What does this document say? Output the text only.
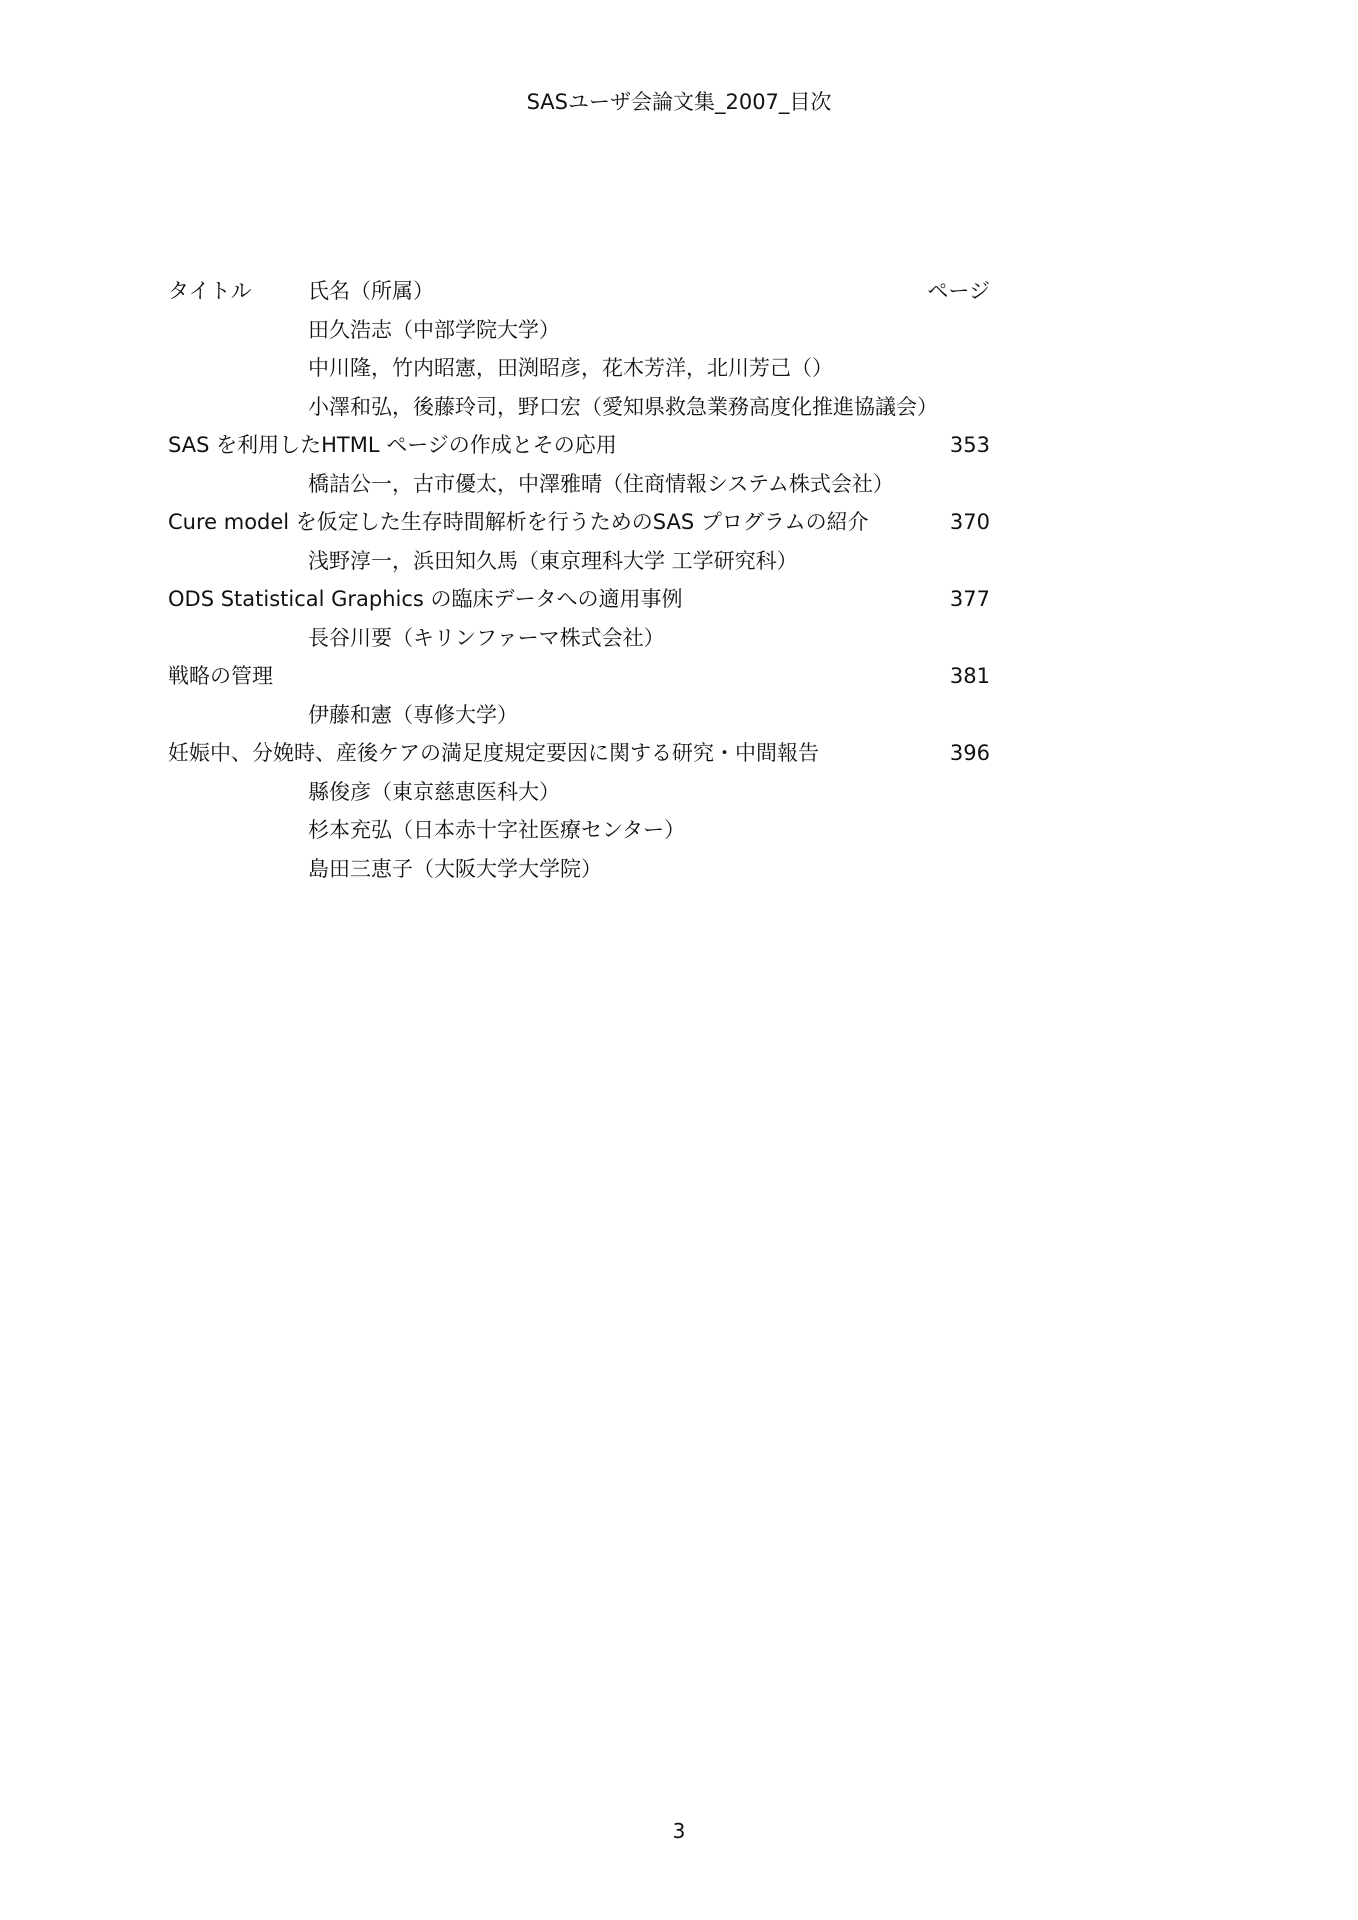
SASユーザ会論文集_2007_目次
タイトル	氏名（所属）	ページ
田久浩志（中部学院大学）
中川隆，竹内昭憲，田渕昭彦，花木芳洋，北川芳己（）
小澤和弘，後藤玲司，野口宏（愛知県救急業務高度化推進協議会）
SAS を利用したHTML ページの作成とその応用	353
橋詰公一，古市優太，中澤雅晴（住商情報システム株式会社）
Cure model を仮定した生存時間解析を行うためのSAS プログラムの紹介	370
浅野淳一，浜田知久馬（東京理科大学 工学研究科）
ODS Statistical Graphics の臨床データへの適用事例	377
長谷川要（キリンファーマ株式会社）
戦略の管理	381
伊藤和憲（専修大学）
妊娠中、分娩時、産後ケアの満足度規定要因に関する研究・中間報告	396
縣俊彦（東京慈恵医科大）
杉本充弘（日本赤十字社医療センター）
島田三恵子（大阪大学大学院）
3
